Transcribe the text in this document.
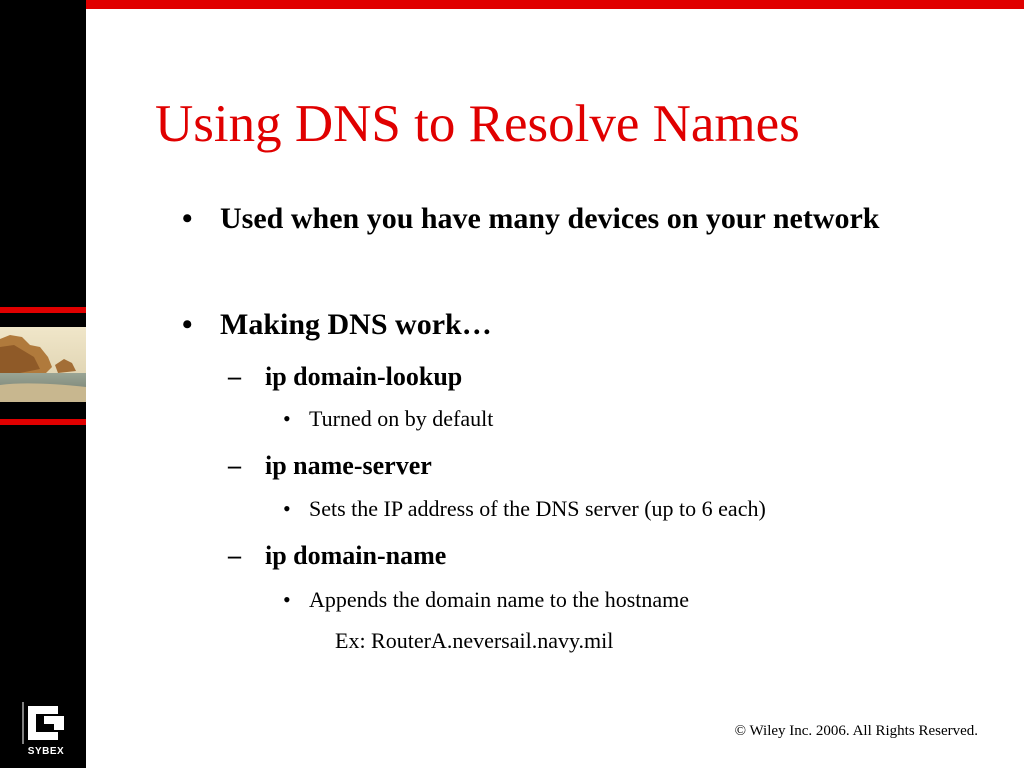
SYBEX
Using DNS to Resolve Names
• Used when you have many devices on your network
• Making DNS work…
– ip domain-lookup
• Turned on by default
– ip name-server
• Sets the IP address of the DNS server (up to 6 each)
– ip domain-name
• Appends the domain name to the hostname
Ex: RouterA.neversail.navy.mil
© Wiley Inc. 2006. All Rights Reserved.
